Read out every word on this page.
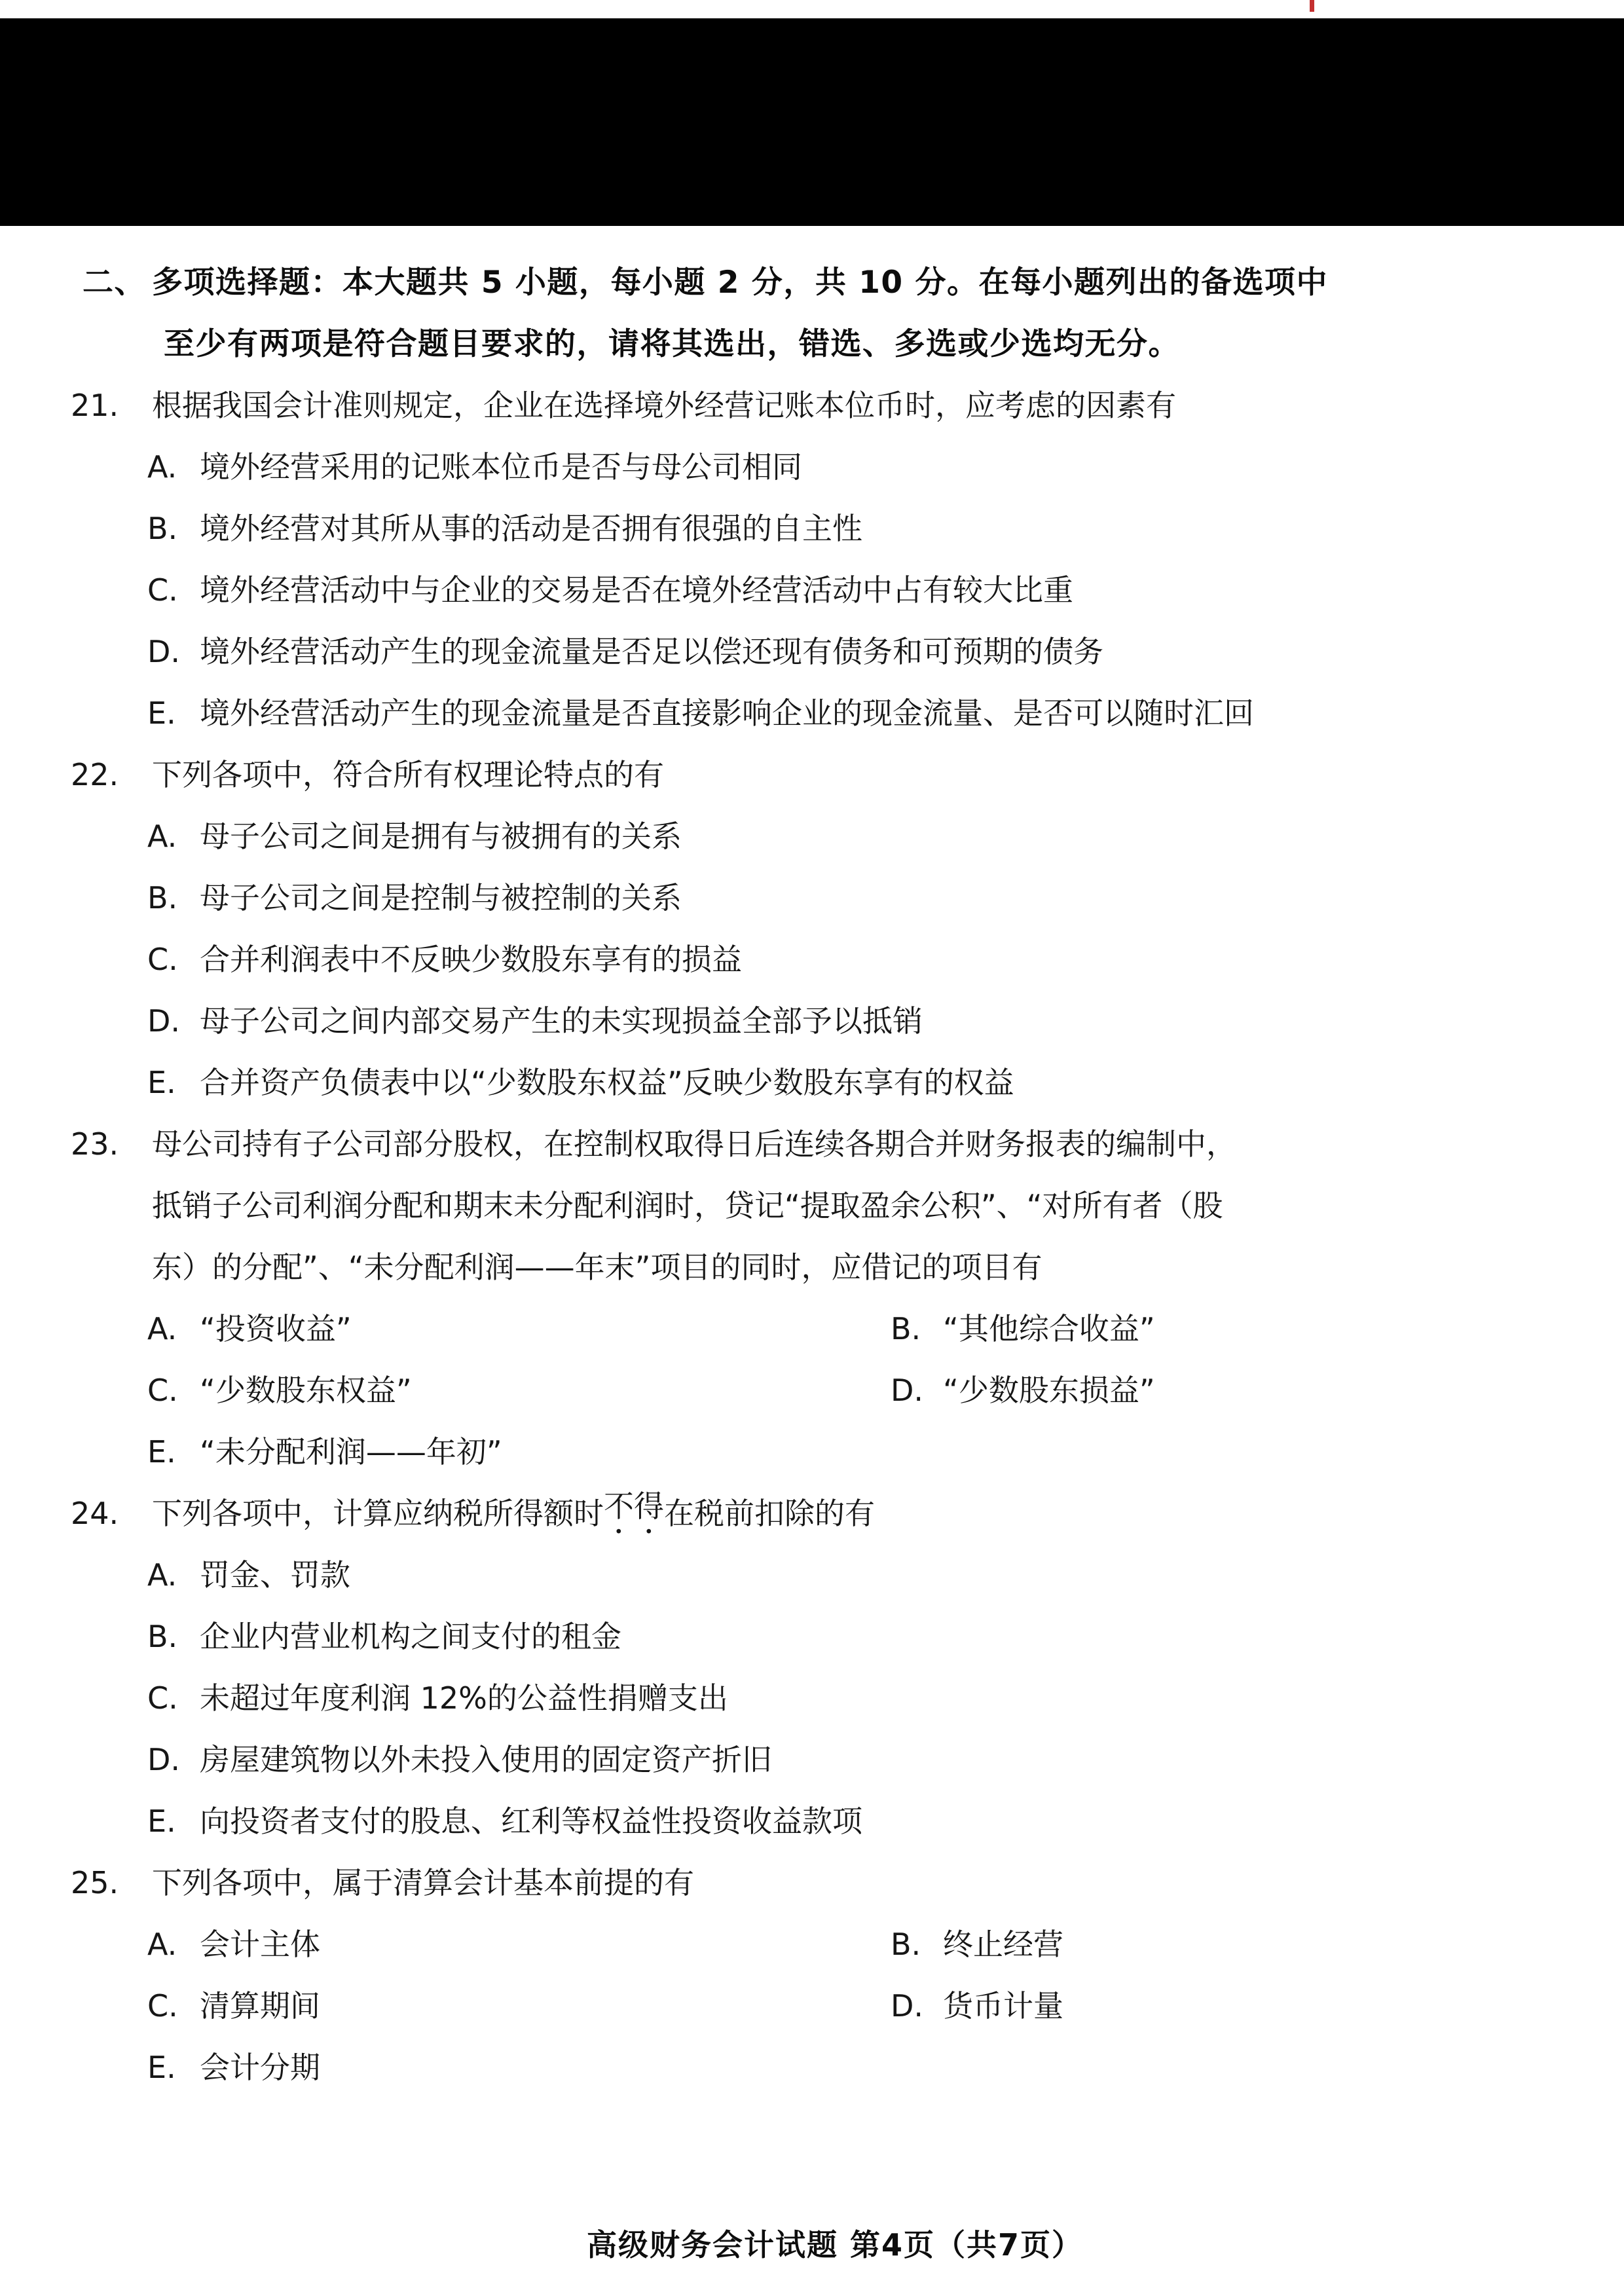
二、 多项选择题：本大题共 5 小题，每小题 2 分，共 10 分。在每小题列出的备选项中
至少有两项是符合题目要求的，请将其选出，错选、多选或少选均无分。
21.	根据我国会计准则规定，企业在选择境外经营记账本位币时，应考虑的因素有
A. 境外经营采用的记账本位币是否与母公司相同
B. 境外经营对其所从事的活动是否拥有很强的自主性
C. 境外经营活动中与企业的交易是否在境外经营活动中占有较大比重
D. 境外经营活动产生的现金流量是否足以偿还现有债务和可预期的债务
E. 境外经营活动产生的现金流量是否直接影响企业的现金流量、是否可以随时汇回
22.	下列各项中，符合所有权理论特点的有
A. 母子公司之间是拥有与被拥有的关系
B. 母子公司之间是控制与被控制的关系
C. 合并利润表中不反映少数股东享有的损益
D. 母子公司之间内部交易产生的未实现损益全部予以抵销
E. 合并资产负债表中以“少数股东权益”反映少数股东享有的权益
23.	母公司持有子公司部分股权，在控制权取得日后连续各期合并财务报表的编制中，
抵销子公司利润分配和期末未分配利润时，贷记“提取盈余公积”、“对所有者（股
东）的分配”、“未分配利润——年末”项目的同时，应借记的项目有
A. “投资收益”	B. “其他综合收益”
C. “少数股东权益”	D. “少数股东损益”
E. “未分配利润——年初”
24.	下列各项中，计算应纳税所得额时 不得 在税前扣除的有
A. 罚金、罚款
B. 企业内营业机构之间支付的租金
C. 未超过年度利润 12%的公益性捐赠支出
D. 房屋建筑物以外未投入使用的固定资产折旧
E. 向投资者支付的股息、红利等权益性投资收益款项
25.	下列各项中，属于清算会计基本前提的有
A. 会计主体	B. 终止经营
C. 清算期间	D. 货币计量
E. 会计分期
高级财务会计试题 第4页（共7页）
